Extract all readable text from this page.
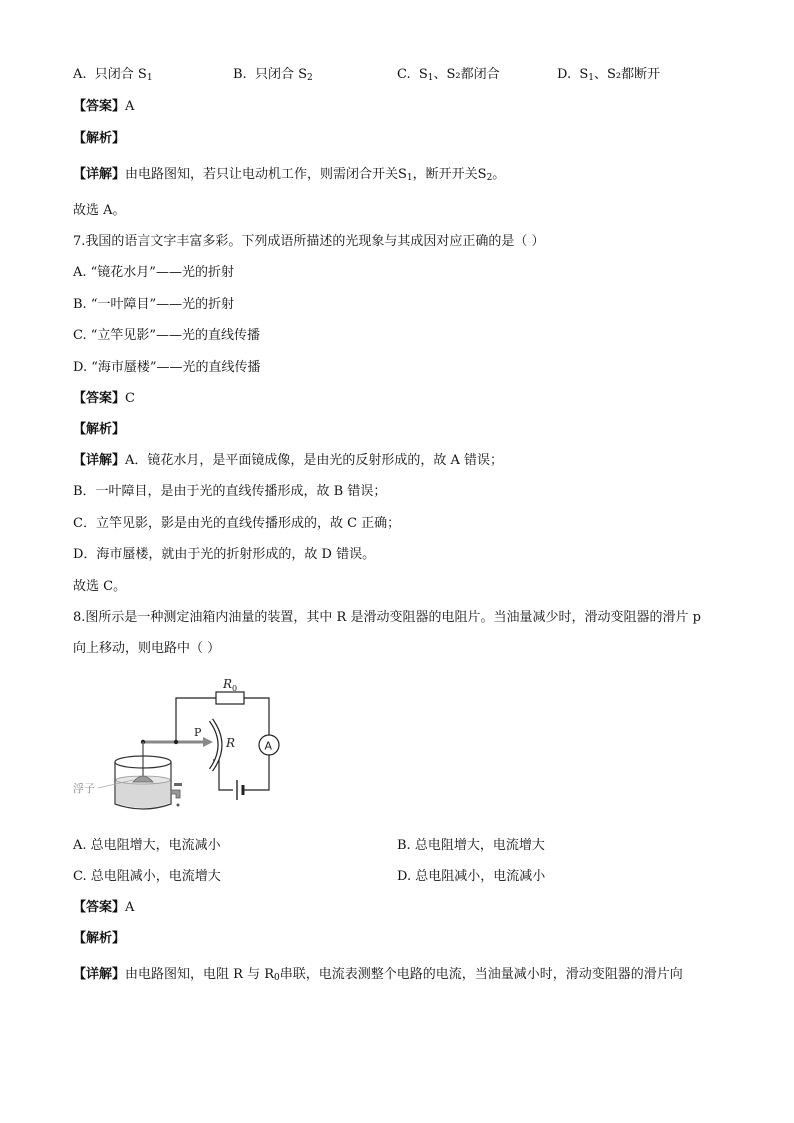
A. 只闭合 $S_1$	B. 只闭合 $S_2$	C. $S_1$、S₂都闭合	D. $S_1$、S₂都断开
【答案】A
【解析】
【详解】由电路图知，若只让电动机工作，则需闭合开关$S_1$，断开开关$S_2$。
故选 A。
7.我国的语言文字丰富多彩。下列成语所描述的光现象与其成因对应正确的是（ ）
A. “镜花水月”——光的折射
B. “一叶障目”——光的折射
C. “立竿见影”——光的直线传播
D. “海市蜃楼”——光的直线传播
【答案】C
【解析】
【详解】A．镜花水月，是平面镜成像，是由光的反射形成的，故 A 错误；
B．一叶障目，是由于光的直线传播形成，故 B 错误；
C．立竿见影，影是由光的直线传播形成的，故 C 正确；
D．海市蜃楼，就由于光的折射形成的，故 D 错误。
故选 C。
8.图所示是一种测定油箱内油量的装置，其中 R 是滑动变阻器的电阻片。当油量减少时，滑动变阻器的滑片 p
向上移动，则电路中（ ）
$R_0$
A
P
R
浮子
A. 总电阻增大，电流减小	B. 总电阻增大，电流增大
C. 总电阻减小，电流增大	D. 总电阻减小，电流减小
【答案】A
【解析】
【详解】由电路图知，电阻 R 与 $R_0$串联，电流表测整个电路的电流，当油量减小时，滑动变阻器的滑片向
